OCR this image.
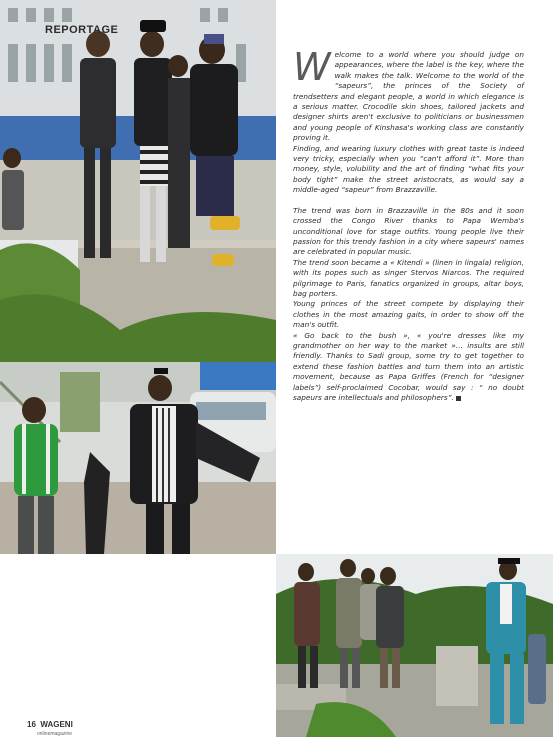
REPORTAGE

Welcome to a world where you should judge on appearances, where the label is the key, where the walk makes the talk. Welcome to the world of the “sapeurs”, the princes of the Society of trendsetters and elegant people, a world in which elegance is a serious matter. Crocodile skin shoes, tailored jackets and designer shirts aren't exclusive to politicians or businessmen and young people of Kinshasa's working class are constantly proving it.

Finding, and wearing luxury clothes with great taste is indeed very tricky, especially when you “can't afford it”. More than money, style, volubility and the art of finding “what fits your body tight” make the street aristocrats, as would say a middle-aged “sapeur” from Brazzaville.

The trend was born in Brazzaville in the 80s and it soon crossed the Congo River thanks to Papa Wemba's unconditional love for stage outfits. Young people live their passion for this trendy fashion in a city where sapeurs' names are celebrated in popular music.

The trend soon became a « Kitendi » (linen in lingala) religion, with its popes such as singer Stervos Niarcos. The required pilgrimage to Paris, fanatics organized in groups, altar boys, bag porters.

Young princes of the street compete by displaying their clothes in the most amazing gaits, in order to show off the man's outfit.

« Go back to the bush », « you're dresses like my grandmother on her way to the market »… insults are still friendly. Thanks to Sadi group, some try to get together to extend these fashion battles and turn them into an artistic movement, because as Papa Griffes (French for “designer labels”) self-proclaimed Cocobar, would say : “ no doubt sapeurs are intellectuals and philosophers”.

16 WAGENI
onlinemagazine
